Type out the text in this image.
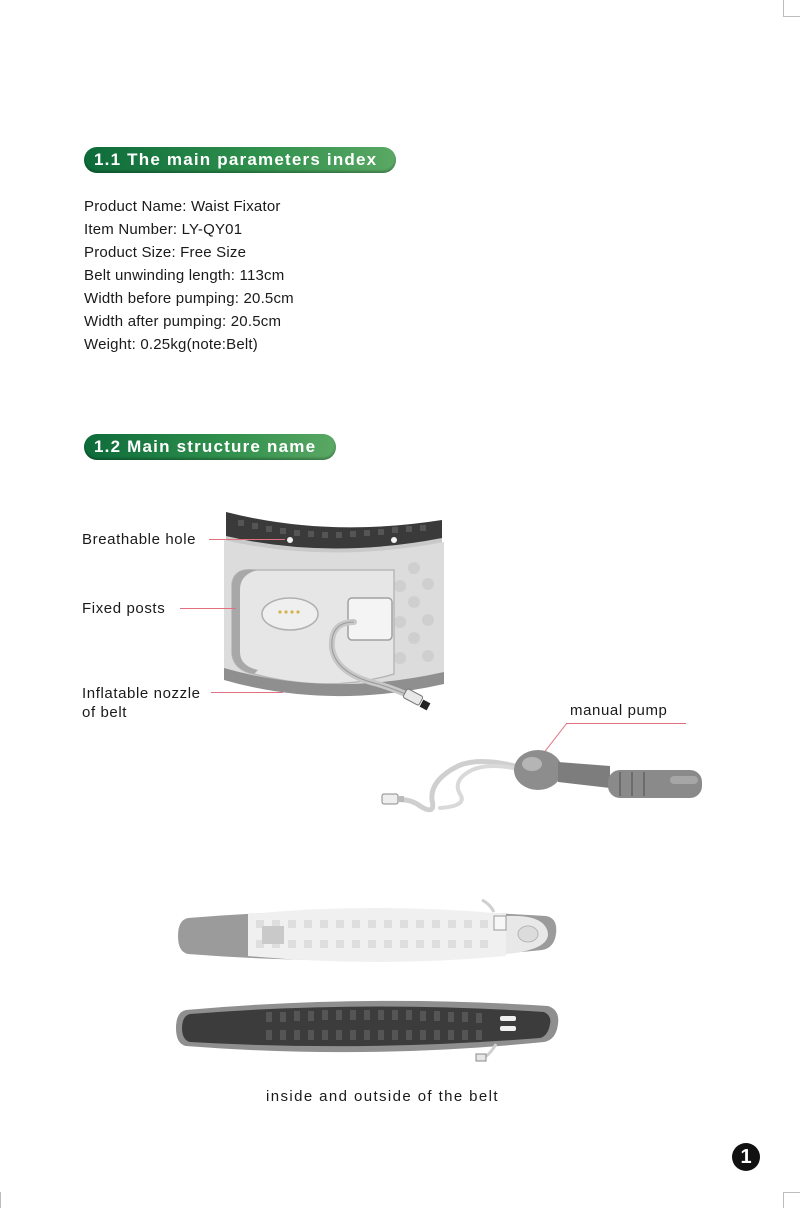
1.1 The main parameters index
Product Name: Waist Fixator
Item Number: LY-QY01
Product Size: Free Size
Belt unwinding length: 113cm
Width before pumping: 20.5cm
Width after pumping: 20.5cm
Weight: 0.25kg(note:Belt)
1.2 Main structure name
Breathable hole
Fixed posts
Inflatable nozzle
of belt	manual pump
inside and outside of the belt
1
